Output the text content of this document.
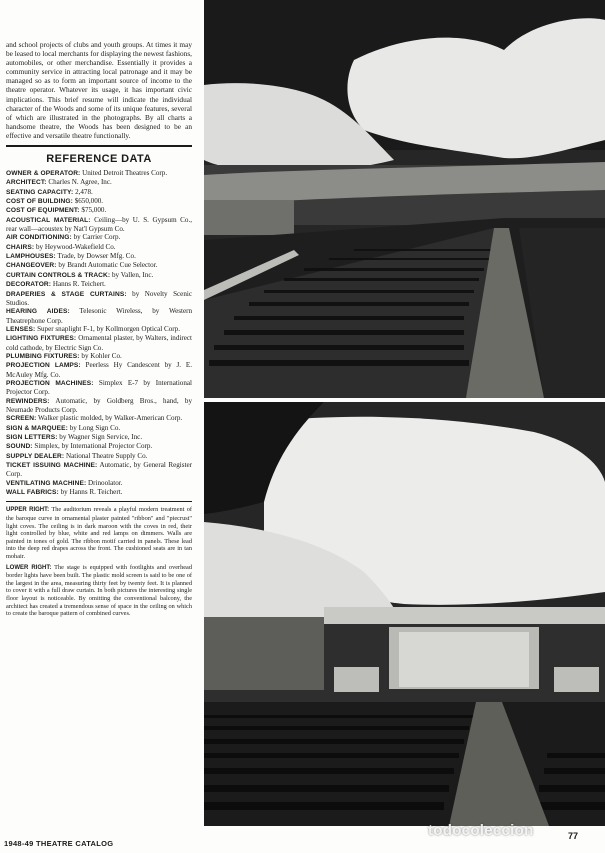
and school projects of clubs and youth groups. At times it may be leased to local merchants for displaying the newest fashions, automobiles, or other merchandise. Essentially it provides a community service in attracting local patronage and it may be managed so as to form an important source of income to the theatre operator. Whatever its usage, it has important civic implications. This brief resume will indicate the individual character of the Woods and some of its unique features, several of which are illustrated in the photographs. By all charts a handsome theatre, the Woods has been designed to be an effective and versatile theatre functionally.

REFERENCE DATA
OWNER & OPERATOR: United Detroit Theatres Corp.
ARCHITECT: Charles N. Agree, Inc.
SEATING CAPACITY: 2,478.
COST OF BUILDING: $650,000.
COST OF EQUIPMENT: $75,000.
ACOUSTICAL MATERIAL: Ceiling—by U. S. Gypsum Co., rear wall—acoustex by Nat'l Gypsum Co.
AIR CONDITIONING: by Carrier Corp.
CHAIRS: by Heywood-Wakefield Co.
LAMPHOUSES: Trade, by Dowser Mfg. Co.
CHANGEOVER: by Brandt Automatic Cue Selector.
CURTAIN CONTROLS & TRACK: by Vallen, Inc.
DECORATOR: Hanns R. Teichert.
DRAPERIES & STAGE CURTAINS: by Novelty Scenic Studios.
HEARING AIDES: Telesonic Wireless, by Western Theatrephone Corp.
LENSES: Super snaplight F-1, by Kollmorgen Optical Corp.
LIGHTING FIXTURES: Ornamental plaster, by Walters, indirect cold cathode, by Electric Sign Co.
PLUMBING FIXTURES: by Kohler Co.
PROJECTION LAMPS: Peerless Hy Candescent by J. E. McAuley Mfg. Co.
PROJECTION MACHINES: Simplex E-7 by International Projector Corp.
REWINDERS: Automatic, by Goldberg Bros., hand, by Neumade Products Corp.
SCREEN: Walker plastic molded, by Walker-American Corp.
SIGN & MARQUEE: by Long Sign Co.
SIGN LETTERS: by Wagner Sign Service, Inc.
SOUND: Simplex, by International Projector Corp.
SUPPLY DEALER: National Theatre Supply Co.
TICKET ISSUING MACHINE: Automatic, by General Register Corp.
VENTILATING MACHINE: Drinoolator.
WALL FABRICS: by Hanns R. Teichert.

UPPER RIGHT: The auditorium reveals a playful modern treatment of the baroque curve in ornamental plaster painted "ribbon" and "piecrust" light coves. The ceiling is in dark maroon with the coves in red, their light controlled by blue, white and red lamps on dimmers. Walls are painted in tones of gold. The ribbon motif carried in panels. These lead into the deep red drapes across the front. The cushioned seats are in tan mohair.

LOWER RIGHT: The stage is equipped with footlights and overhead border lights have been built. The plastic mold screen is said to be one of the largest in the area, measuring thirty feet by twenty feet. It is planned to cover it with a full draw curtain. In both pictures the interesting single floor layout is noticeable. By omitting the conventional balcony, the architect has created a tremendous sense of space in the ceiling on which to create the baroque pattern of combined curves.

1948-49 THEATRE CATALOG
todocoleccion	77
